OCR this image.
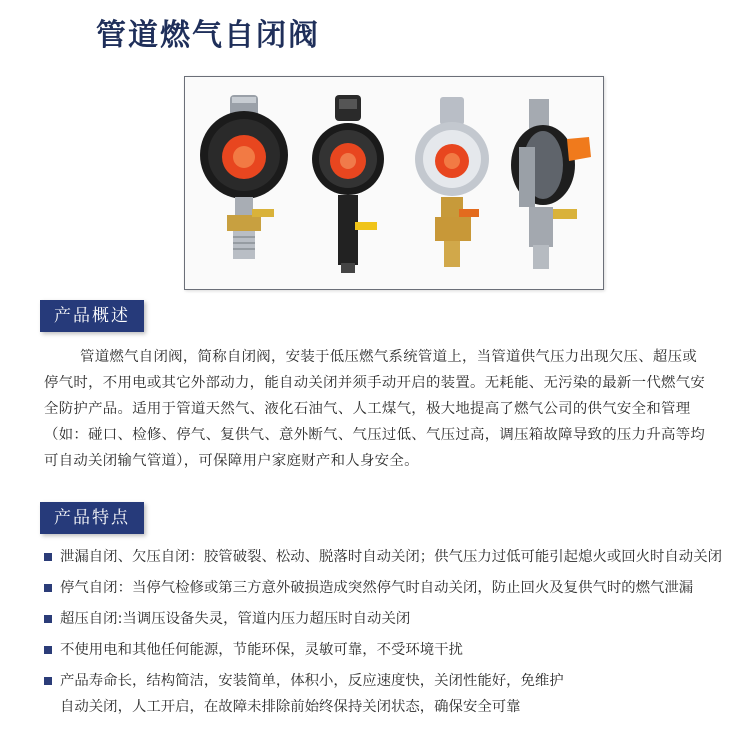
管道燃气自闭阀
产品概述
管道燃气自闭阀，简称自闭阀，安装于低压燃气系统管道上，当管道供气压力出现欠压、超压或停气时，不用电或其它外部动力，能自动关闭并须手动开启的装置。无耗能、无污染的最新一代燃气安全防护产品。适用于管道天然气、液化石油气、人工煤气，极大地提高了燃气公司的供气安全和管理（如：碰口、检修、停气、复供气、意外断气、气压过低、气压过高，调压箱故障导致的压力升高等均可自动关闭输气管道），可保障用户家庭财产和人身安全。
产品特点
泄漏自闭、欠压自闭：胶管破裂、松动、脱落时自动关闭；供气压力过低可能引起熄火或回火时自动关闭
停气自闭：当停气检修或第三方意外破损造成突然停气时自动关闭，防止回火及复供气时的燃气泄漏
超压自闭:当调压设备失灵，管道内压力超压时自动关闭
不使用电和其他任何能源，节能环保，灵敏可靠，不受环境干扰
产品寿命长，结构简洁，安装简单，体积小，反应速度快，关闭性能好，免维护
自动关闭，人工开启，在故障未排除前始终保持关闭状态，确保安全可靠
